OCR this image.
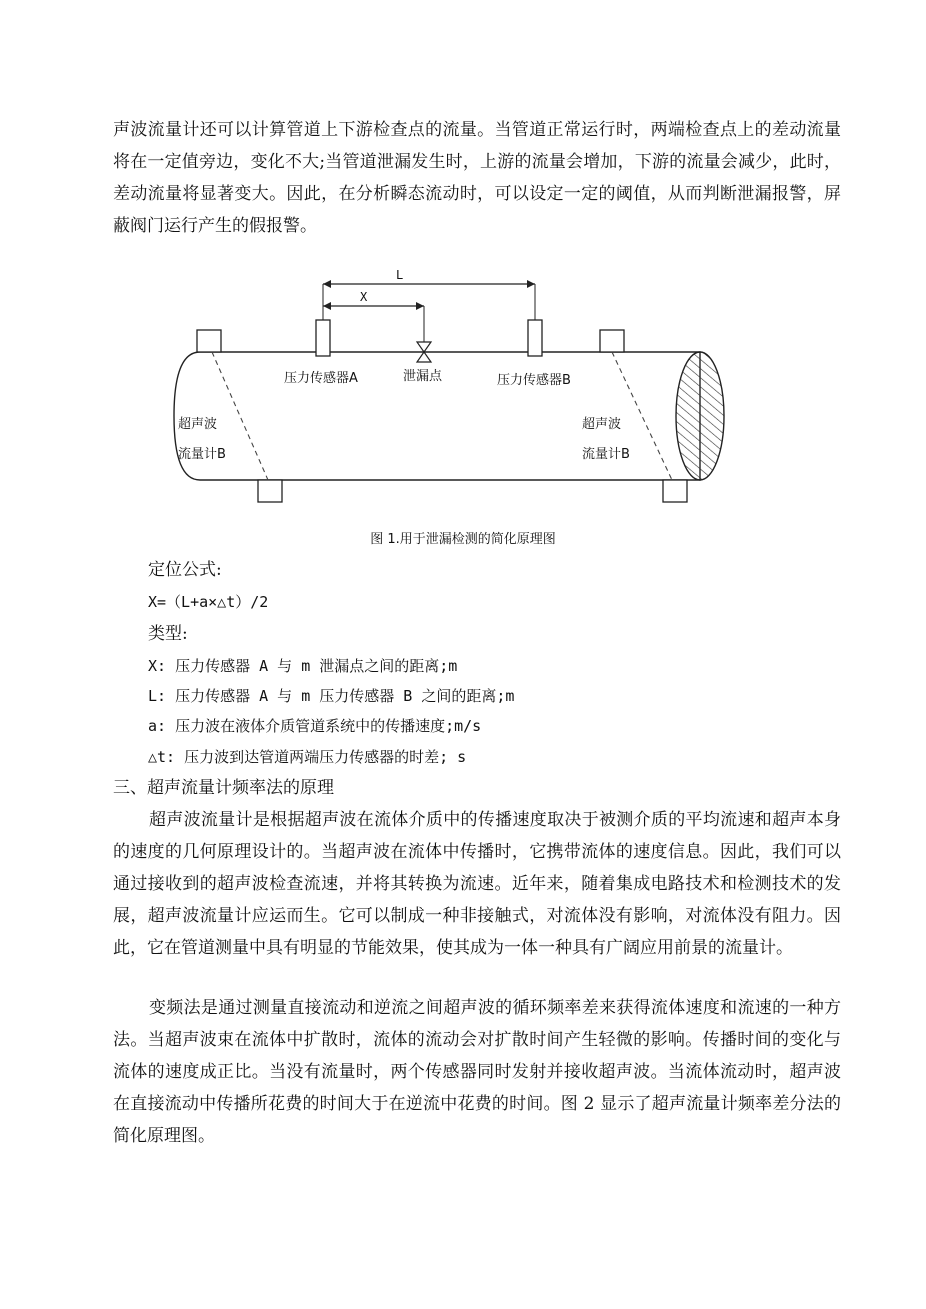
声波流量计还可以计算管道上下游检查点的流量。当管道正常运行时，两端检查点上的差动流量将在一定值旁边，变化不大;当管道泄漏发生时，上游的流量会增加，下游的流量会减少，此时，差动流量将显著变大。因此，在分析瞬态流动时，可以设定一定的阈值，从而判断泄漏报警，屏蔽阀门运行产生的假报警。

L
X
压力传感器A	泄漏点	压力传感器B
超声波
流量计B
超声波
流量计B
图 1.用于泄漏检测的简化原理图

定位公式:

X=（L+a×△t）/2

类型:

X: 压力传感器 A 与 m 泄漏点之间的距离;m

L: 压力传感器 A 与 m 压力传感器 B 之间的距离;m

a: 压力波在液体介质管道系统中的传播速度;m/s

△t: 压力波到达管道两端压力传感器的时差; s

三、超声流量计频率法的原理

超声波流量计是根据超声波在流体介质中的传播速度取决于被测介质的平均流速和超声本身的速度的几何原理设计的。当超声波在流体中传播时，它携带流体的速度信息。因此，我们可以通过接收到的超声波检查流速，并将其转换为流速。近年来，随着集成电路技术和检测技术的发展，超声波流量计应运而生。它可以制成一种非接触式，对流体没有影响，对流体没有阻力。因此，它在管道测量中具有明显的节能效果，使其成为一体一种具有广阔应用前景的流量计。

变频法是通过测量直接流动和逆流之间超声波的循环频率差来获得流体速度和流速的一种方法。当超声波束在流体中扩散时，流体的流动会对扩散时间产生轻微的影响。传播时间的变化与流体的速度成正比。当没有流量时，两个传感器同时发射并接收超声波。当流体流动时，超声波在直接流动中传播所花费的时间大于在逆流中花费的时间。图 2 显示了超声流量计频率差分法的简化原理图。
